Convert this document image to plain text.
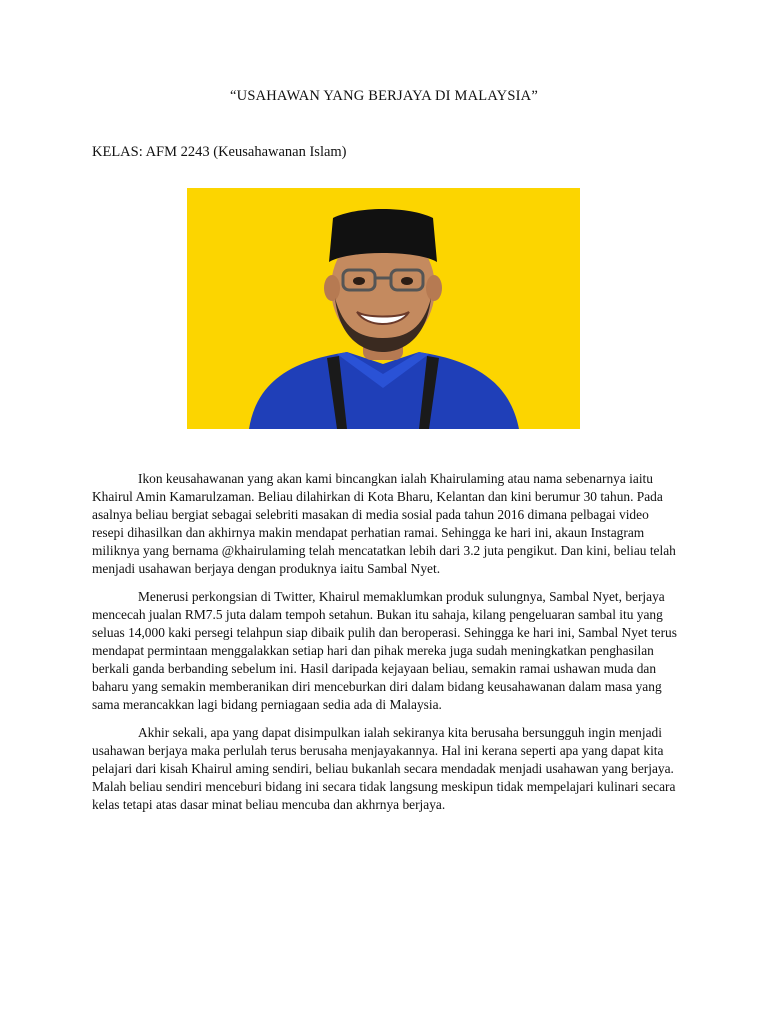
“USAHAWAN YANG BERJAYA DI MALAYSIA”
KELAS: AFM 2243 (Keusahawanan Islam)

Ikon keusahawanan yang akan kami bincangkan ialah Khairulaming atau nama sebenarnya iaitu Khairul Amin Kamarulzaman. Beliau dilahirkan di Kota Bharu, Kelantan dan kini berumur 30 tahun. Pada asalnya beliau bergiat sebagai selebriti masakan di media sosial pada tahun 2016 dimana pelbagai video resepi dihasilkan dan akhirnya makin mendapat perhatian ramai. Sehingga ke hari ini, akaun Instagram miliknya yang bernama @khairulaming telah mencatatkan lebih dari 3.2 juta pengikut. Dan kini, beliau telah menjadi usahawan berjaya dengan produknya iaitu Sambal Nyet.

Menerusi perkongsian di Twitter, Khairul memaklumkan produk sulungnya, Sambal Nyet, berjaya mencecah jualan RM7.5 juta dalam tempoh setahun. Bukan itu sahaja, kilang pengeluaran sambal itu yang seluas 14,000 kaki persegi telahpun siap dibaik pulih dan beroperasi. Sehingga ke hari ini, Sambal Nyet terus mendapat permintaan menggalakkan setiap hari dan pihak mereka juga sudah meningkatkan penghasilan berkali ganda berbanding sebelum ini. Hasil daripada kejayaan beliau, semakin ramai ushawan muda dan baharu yang semakin memberanikan diri menceburkan diri dalam bidang keusahawanan dalam masa yang sama merancakkan lagi bidang perniagaan sedia ada di Malaysia.

Akhir sekali, apa yang dapat disimpulkan ialah sekiranya kita berusaha bersungguh ingin menjadi usahawan berjaya maka perlulah terus berusaha menjayakannya. Hal ini kerana seperti apa yang dapat kita pelajari dari kisah Khairul aming sendiri, beliau bukanlah secara mendadak menjadi usahawan yang berjaya. Malah beliau sendiri menceburi bidang ini secara tidak langsung meskipun tidak mempelajari kulinari secara kelas tetapi atas dasar minat beliau mencuba dan akhrnya berjaya.
